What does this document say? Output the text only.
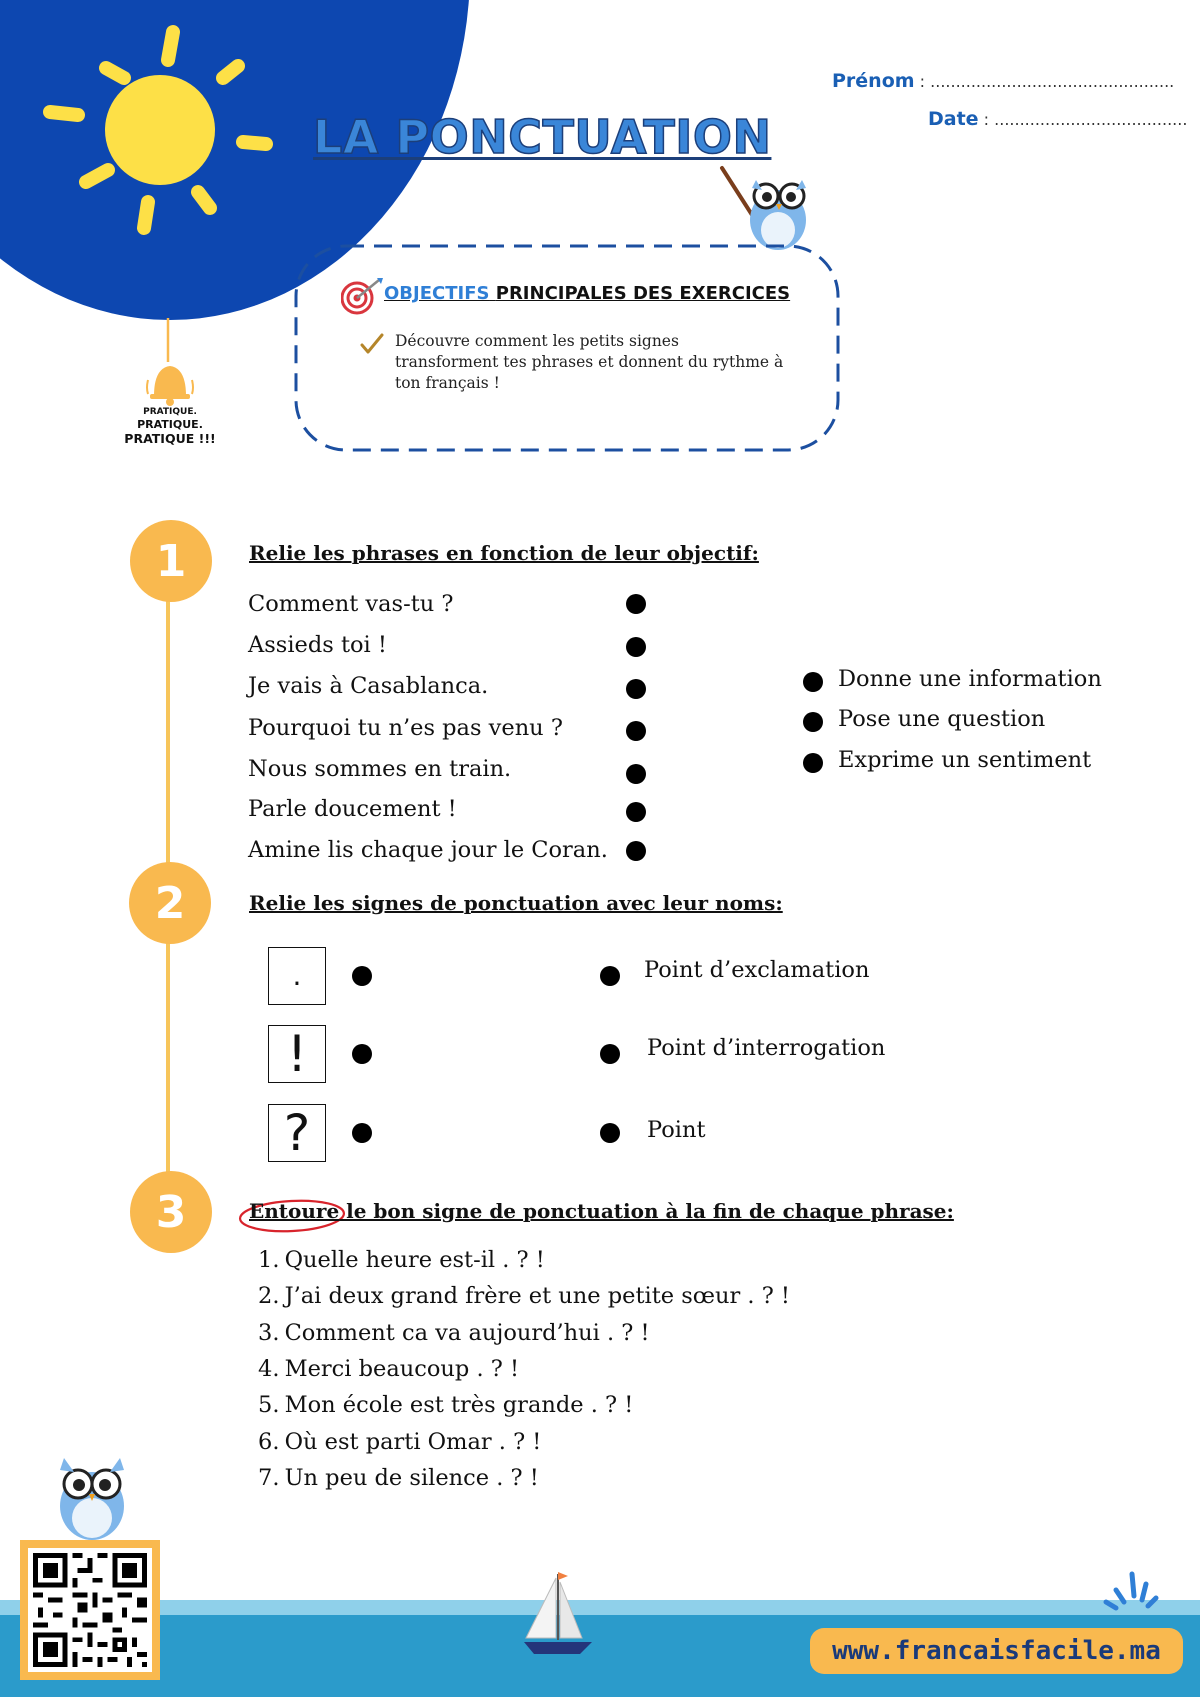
LA PONCTUATION
Prénom : ................................................
Date : ......................................
OBJECTIFS PRINCIPALES DES EXERCICES
Découvre comment les petits signes transforment tes phrases et donnent du rythme à ton français !
PRATIQUE.
PRATIQUE.
PRATIQUE !!!
1	Relie les phrases en fonction de leur objectif:
Comment vas-tu ?
Assieds toi !
Je vais à Casablanca.
Pourquoi tu n’es pas venu ?
Nous sommes en train.
Parle doucement !
Amine lis chaque jour le Coran.
Donne une information
Pose une question
Exprime un sentiment
2	Relie les signes de ponctuation avec leur noms:
.
!
?
Point d’exclamation
Point d’interrogation
Point
3	Entoure le bon signe de ponctuation à la fin de chaque phrase:
1. Quelle heure est-il . ? !
2. J’ai deux grand frère et une petite sœur . ? !
3. Comment ca va aujourd’hui . ? !
4. Merci beaucoup . ? !
5. Mon école est très grande . ? !
6. Où est parti Omar . ? !
7. Un peu de silence . ? !
www.francaisfacile.ma
